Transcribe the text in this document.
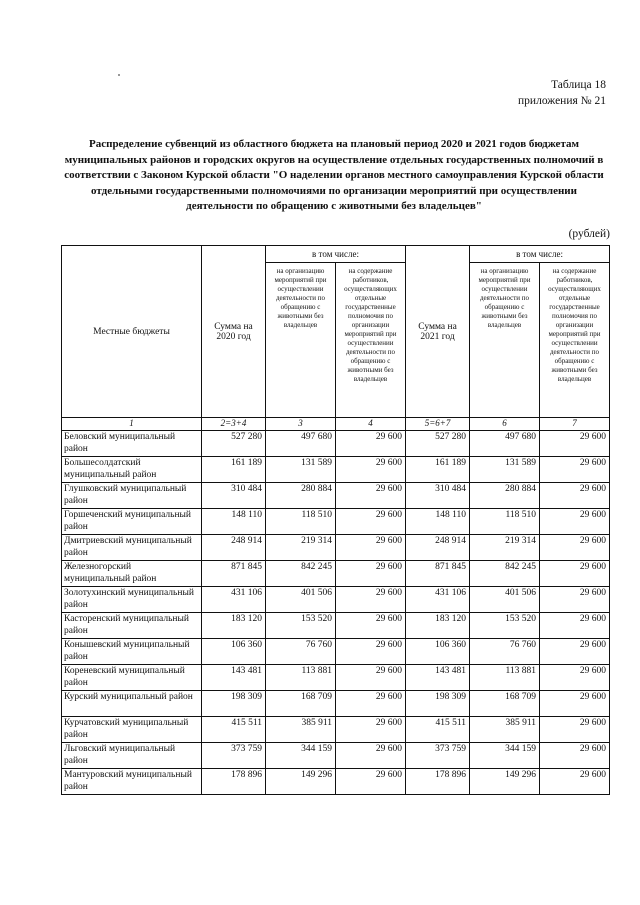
Таблица 18
приложения № 21
Распределение субвенций из областного бюджета на плановый период 2020 и 2021 годов бюджетам муниципальных районов и городских округов на осуществление отдельных государственных полномочий в соответствии с Законом Курской области "О наделении органов местного самоуправления Курской области отдельными государственными полномочиями по организации мероприятий при осуществлении деятельности по обращению с животными без владельцев"
(рублей)
Местные бюджеты	Сумма на 2020 год	в том числе:		Сумма на 2021 год	в том числе:	
		на организацию мероприятий при осуществлении деятельности по обращению с животными без владельцев	на содержание работников, осуществляющих отдельные государственные полномочия по организации мероприятий при осуществлении деятельности по обращению с животными без владельцев		на организацию мероприятий при осуществлении деятельности по обращению с животными без владельцев	на содержание работников, осуществляющих отдельные государственные полномочия по организации мероприятий при осуществлении деятельности по обращению с животными без владельцев
1	2=3+4	3	4	5=6+7	6	7
Беловский муниципальный район	527 280	497 680	29 600	527 280	497 680	29 600
Большесолдатский муниципальный район	161 189	131 589	29 600	161 189	131 589	29 600
Глушковский муниципальный район	310 484	280 884	29 600	310 484	280 884	29 600
Горшеченский муниципальный район	148 110	118 510	29 600	148 110	118 510	29 600
Дмитриевский муниципальный район	248 914	219 314	29 600	248 914	219 314	29 600
Железногорский муниципальный район	871 845	842 245	29 600	871 845	842 245	29 600
Золотухинский муниципальный район	431 106	401 506	29 600	431 106	401 506	29 600
Касторенский муниципальный район	183 120	153 520	29 600	183 120	153 520	29 600
Конышевский муниципальный район	106 360	76 760	29 600	106 360	76 760	29 600
Кореневский муниципальный район	143 481	113 881	29 600	143 481	113 881	29 600
Курский муниципальный район	198 309	168 709	29 600	198 309	168 709	29 600
Курчатовский муниципальный район	415 511	385 911	29 600	415 511	385 911	29 600
Льговский муниципальный район	373 759	344 159	29 600	373 759	344 159	29 600
Мантуровский муниципальный район	178 896	149 296	29 600	178 896	149 296	29 600
